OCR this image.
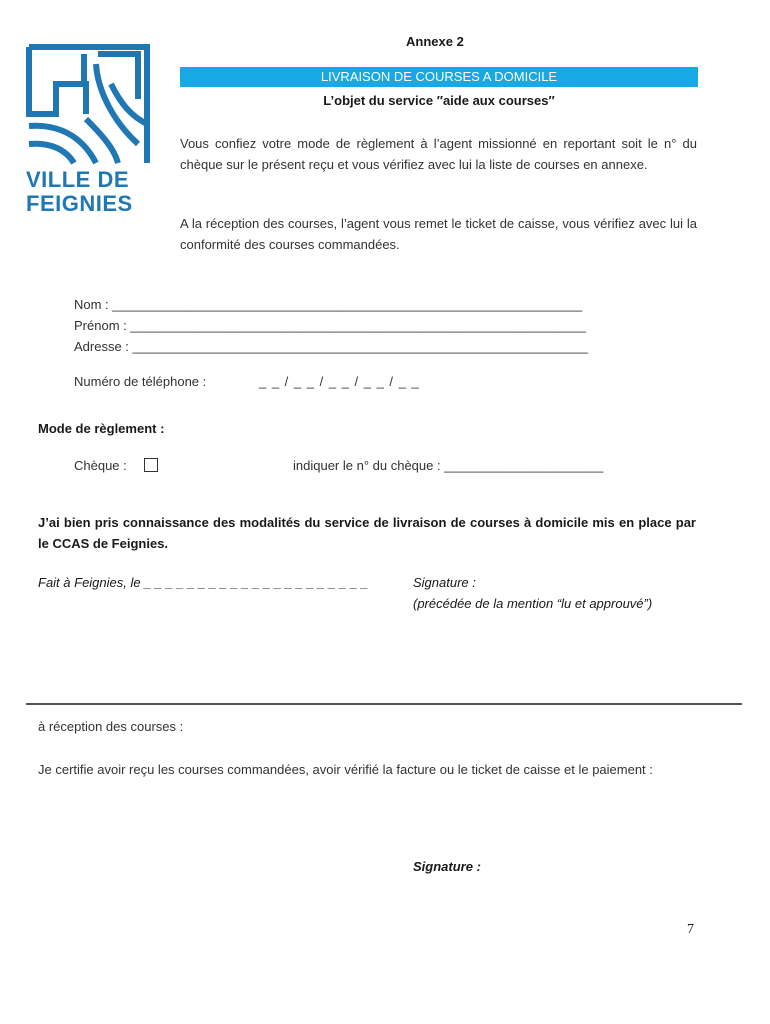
VILLE DE
FEIGNIES
Annexe 2
LIVRAISON DE COURSES A DOMICILE
L’objet du service ″aide aux courses″
Vous confiez votre mode de règlement à l’agent missionné en reportant soit le n° du chèque sur le présent reçu et vous vérifiez avec lui la liste de courses en annexe.
A la réception des courses, l’agent vous remet le ticket de caisse, vous vérifiez avec lui la conformité des courses commandées.
Nom : _________________________________________________________________
Prénom : _______________________________________________________________
Adresse : _______________________________________________________________
Numéro de téléphone :	_ _ / _ _ / _ _ / _ _ / _ _
Mode de règlement :
Chèque :	indiquer le n° du chèque : ______________________
J’ai bien pris connaissance des modalités du service de livraison de courses à domicile mis en place par le CCAS de Feignies.
Fait à Feignies, le _ _ _ _ _ _ _ _ _ _ _ _ _ _ _ _ _ _ _ _ _	Signature :
(précédée de la mention “lu et approuvé”)
à réception des courses :
Je certifie avoir reçu les courses commandées, avoir vérifié la facture ou le ticket de caisse et le paiement :
Signature :
7
